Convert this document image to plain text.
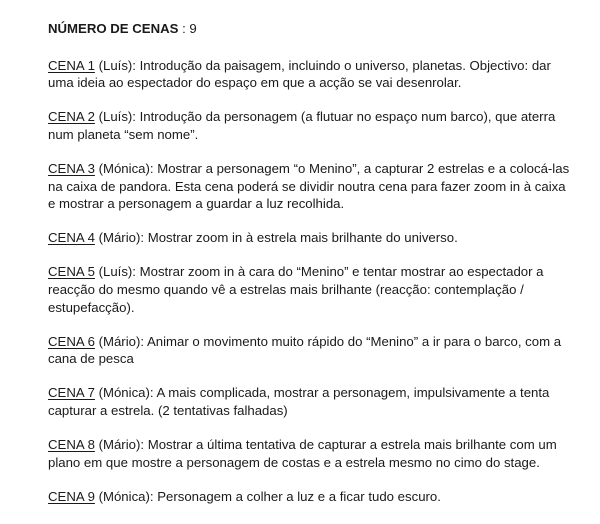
NÚMERO DE CENAS : 9

CENA 1 (Luís): Introdução da paisagem, incluindo o universo, planetas. Objectivo: dar uma ideia ao espectador do espaço em que a acção se vai desenrolar.

CENA 2 (Luís): Introdução da personagem (a flutuar no espaço num barco), que aterra num planeta “sem nome”.

CENA 3 (Mónica): Mostrar a personagem “o Menino”, a capturar 2 estrelas e a colocá-las na caixa de pandora. Esta cena poderá se dividir noutra cena para fazer zoom in à caixa e mostrar a personagem a guardar a luz recolhida.

CENA 4 (Mário): Mostrar zoom in à estrela mais brilhante do universo.

CENA 5 (Luís): Mostrar zoom in à cara do “Menino” e tentar mostrar ao espectador a reacção do mesmo quando vê a estrelas mais brilhante (reacção: contemplação / estupefacção).

CENA 6 (Mário): Animar o movimento muito rápido do “Menino” a ir para o barco, com a cana de pesca

CENA 7 (Mónica): A mais complicada, mostrar a personagem, impulsivamente a tenta capturar a estrela. (2 tentativas falhadas)

CENA 8 (Mário): Mostrar a última tentativa de capturar a estrela mais brilhante com um plano em que mostre a personagem de costas e a estrela mesmo no cimo do stage.

CENA 9 (Mónica): Personagem a colher a luz e a ficar tudo escuro.
